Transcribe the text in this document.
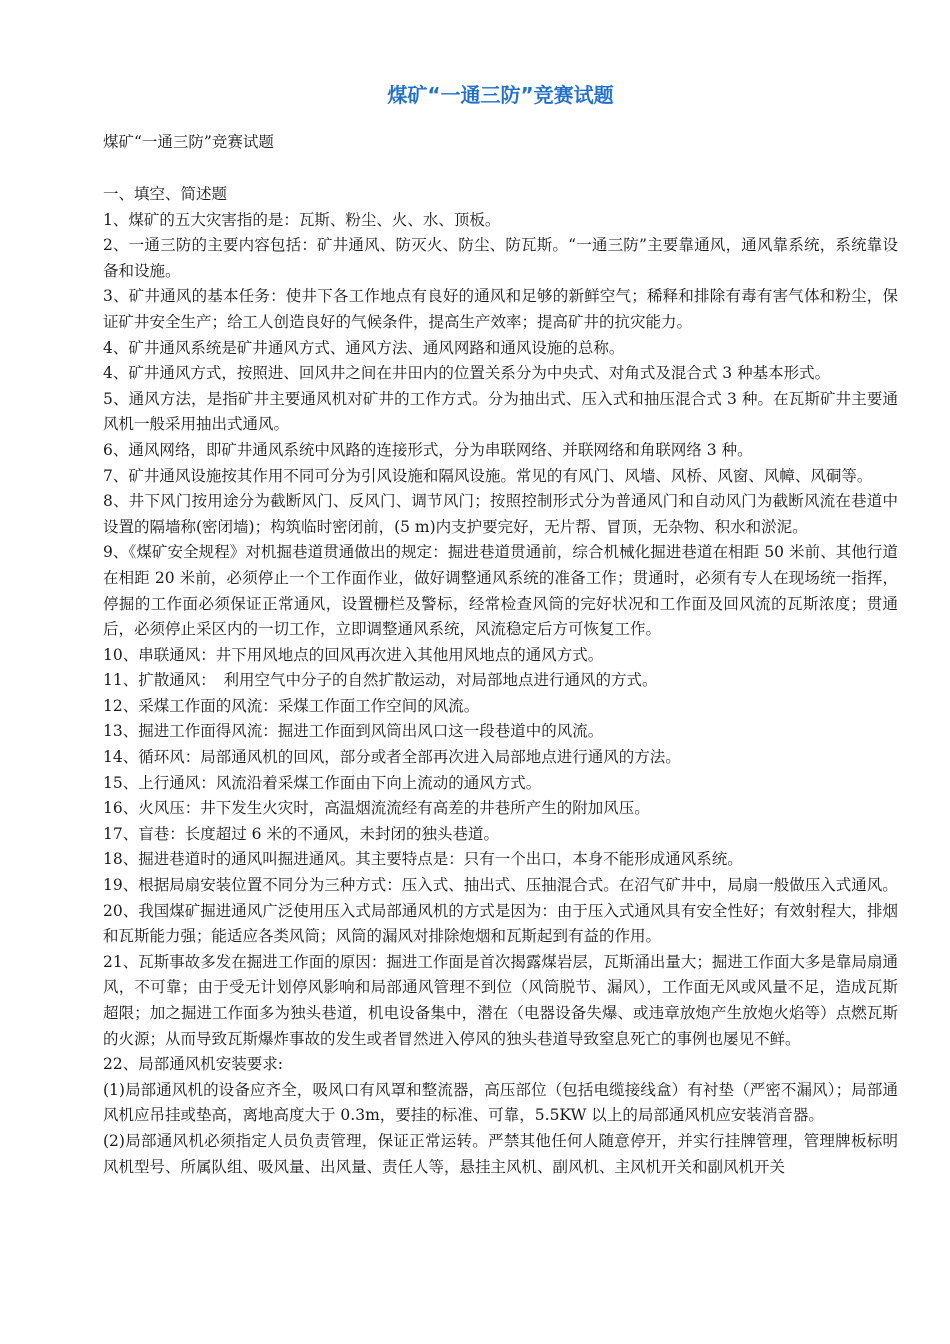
煤矿“一通三防”竞赛试题
煤矿“一通三防”竞赛试题
一、填空、简述题
1、煤矿的五大灾害指的是：瓦斯、粉尘、火、水、顶板。
2、一通三防的主要内容包括：矿井通风、防灭火、防尘、防瓦斯。“一通三防”主要靠通风，通风靠系统，系统靠设备和设施。
3、矿井通风的基本任务：使井下各工作地点有良好的通风和足够的新鲜空气；稀释和排除有毒有害气体和粉尘，保证矿井安全生产；给工人创造良好的气候条件，提高生产效率；提高矿井的抗灾能力。
4、矿井通风系统是矿井通风方式、通风方法、通风网路和通风设施的总称。
4、矿井通风方式，按照进、回风井之间在井田内的位置关系分为中央式、对角式及混合式 3 种基本形式。
5、通风方法，是指矿井主要通风机对矿井的工作方式。分为抽出式、压入式和抽压混合式 3 种。在瓦斯矿井主要通风机一般采用抽出式通风。
6、通风网络，即矿井通风系统中风路的连接形式，分为串联网络、并联网络和角联网络 3 种。
7、矿井通风设施按其作用不同可分为引风设施和隔风设施。常见的有风门、风墙、风桥、风窗、风幛、风硐等。
8、井下风门按用途分为截断风门、反风门、调节风门；按照控制形式分为普通风门和自动风门为截断风流在巷道中设置的隔墙称(密闭墙)；构筑临时密闭前，(5 m)内支护要完好，无片帮、冒顶，无杂物、积水和淤泥。
9、《煤矿安全规程》对机掘巷道贯通做出的规定：掘进巷道贯通前，综合机械化掘进巷道在相距 50 米前、其他行道在相距 20 米前，必须停止一个工作面作业，做好调整通风系统的准备工作；贯通时，必须有专人在现场统一指挥，停掘的工作面必须保证正常通风，设置栅栏及警标，经常检查风筒的完好状况和工作面及回风流的瓦斯浓度；贯通后，必须停止采区内的一切工作，立即调整通风系统，风流稳定后方可恢复工作。
10、串联通风：井下用风地点的回风再次进入其他用风地点的通风方式。
11、扩散通风：　利用空气中分子的自然扩散运动，对局部地点进行通风的方式。
12、采煤工作面的风流：采煤工作面工作空间的风流。
13、掘进工作面得风流：掘进工作面到风筒出风口这一段巷道中的风流。
14、循环风：局部通风机的回风，部分或者全部再次进入局部地点进行通风的方法。
15、上行通风：风流沿着采煤工作面由下向上流动的通风方式。
16、火风压：井下发生火灾时，高温烟流流经有高差的井巷所产生的附加风压。
17、盲巷：长度超过 6 米的不通风，未封闭的独头巷道。
18、掘进巷道时的通风叫掘进通风。其主要特点是：只有一个出口，本身不能形成通风系统。
19、根据局扇安装位置不同分为三种方式：压入式、抽出式、压抽混合式。在沼气矿井中，局扇一般做压入式通风。
20、我国煤矿掘进通风广泛使用压入式局部通风机的方式是因为：由于压入式通风具有安全性好；有效射程大，排烟和瓦斯能力强；能适应各类风筒；风筒的漏风对排除炮烟和瓦斯起到有益的作用。
21、瓦斯事故多发在掘进工作面的原因：掘进工作面是首次揭露煤岩层，瓦斯涌出量大；掘进工作面大多是靠局扇通风，不可靠；由于受无计划停风影响和局部通风管理不到位（风筒脱节、漏风），工作面无风或风量不足，造成瓦斯超限；加之掘进工作面多为独头巷道，机电设备集中，潜在（电器设备失爆、或违章放炮产生放炮火焰等）点燃瓦斯的火源；从而导致瓦斯爆炸事故的发生或者冒然进入停风的独头巷道导致窒息死亡的事例也屡见不鲜。
22、局部通风机安装要求:
(1)局部通风机的设备应齐全，吸风口有风罩和整流器，高压部位（包括电缆接线盒）有衬垫（严密不漏风）；局部通风机应吊挂或垫高，离地高度大于 0.3m，要挂的标准、可靠，5.5KW 以上的局部通风机应安装消音器。
(2)局部通风机必须指定人员负责管理，保证正常运转。严禁其他任何人随意停开，并实行挂牌管理，管理牌板标明风机型号、所属队组、吸风量、出风量、责任人等，悬挂主风机、副风机、主风机开关和副风机开关
